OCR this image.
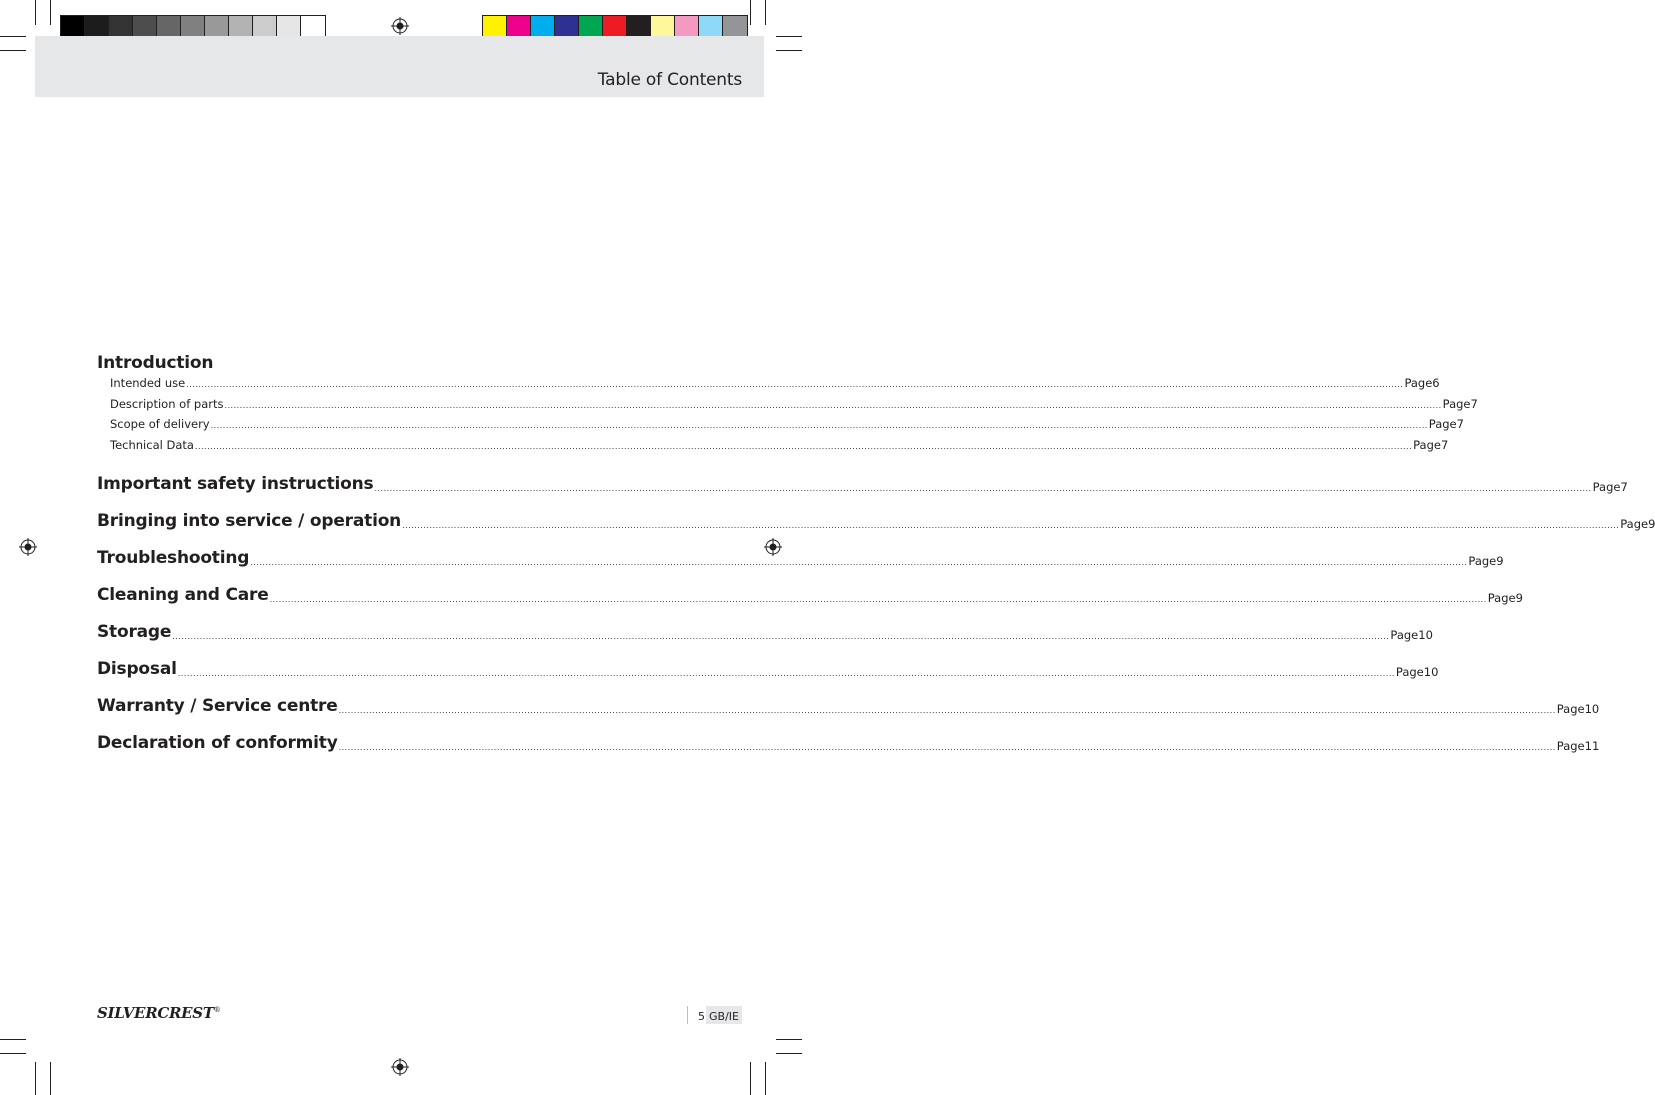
Table of Contents
Introduction
Intended use ................................................................................................................................................................................................................................................................................................................................................................................................................ Page 6
Description of parts ................................................................................................................................................................................................................................................................................................................................................................................................................ Page 7
Scope of delivery ................................................................................................................................................................................................................................................................................................................................................................................................................ Page 7
Technical Data ................................................................................................................................................................................................................................................................................................................................................................................................................ Page 7
Important safety instructions ................................................................................................................................................................................................................................................................................................................................................................................................................ Page 7
Bringing into service / operation ................................................................................................................................................................................................................................................................................................................................................................................................................ Page 9
Troubleshooting ................................................................................................................................................................................................................................................................................................................................................................................................................ Page 9
Cleaning and Care ................................................................................................................................................................................................................................................................................................................................................................................................................ Page 9
Storage ................................................................................................................................................................................................................................................................................................................................................................................................................ Page 10
Disposal ................................................................................................................................................................................................................................................................................................................................................................................................................ Page 10
Warranty / Service centre ................................................................................................................................................................................................................................................................................................................................................................................................................ Page 10
Declaration of conformity ................................................................................................................................................................................................................................................................................................................................................................................................................ Page 11
SILVERCREST®	5 GB/IE
